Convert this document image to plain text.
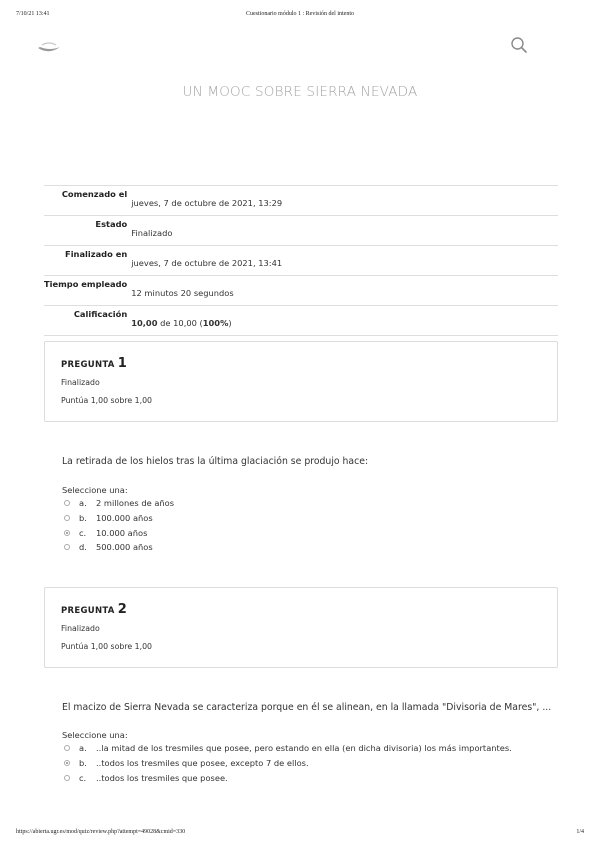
7/10/21 13:41	Cuestionario módulo 1 : Revisión del intento
UN MOOC SOBRE SIERRA NEVADA
Comenzado el	jueves, 7 de octubre de 2021, 13:29
Estado	Finalizado
Finalizado en	jueves, 7 de octubre de 2021, 13:41
Tiempo empleado	12 minutos 20 segundos
Calificación	10,00 de 10,00 (100%)
PREGUNTA 1
Finalizado
Puntúa 1,00 sobre 1,00
La retirada de los hielos tras la última glaciación se produjo hace:
Seleccione una:
a.	2 millones de años
b.	100.000 años
c.	10.000 años
d.	500.000 años
PREGUNTA 2
Finalizado
Puntúa 1,00 sobre 1,00
El macizo de Sierra Nevada se caracteriza porque en él se alinean, en la llamada "Divisoria de Mares", ...
Seleccione una:
a.	..la mitad de los tresmiles que posee, pero estando en ella (en dicha divisoria) los más importantes.
b.	..todos los tresmiles que posee, excepto 7 de ellos.
c.	..todos los tresmiles que posee.
https://abierta.ugr.es/mod/quiz/review.php?attempt=49028&cmid=330	1/4
